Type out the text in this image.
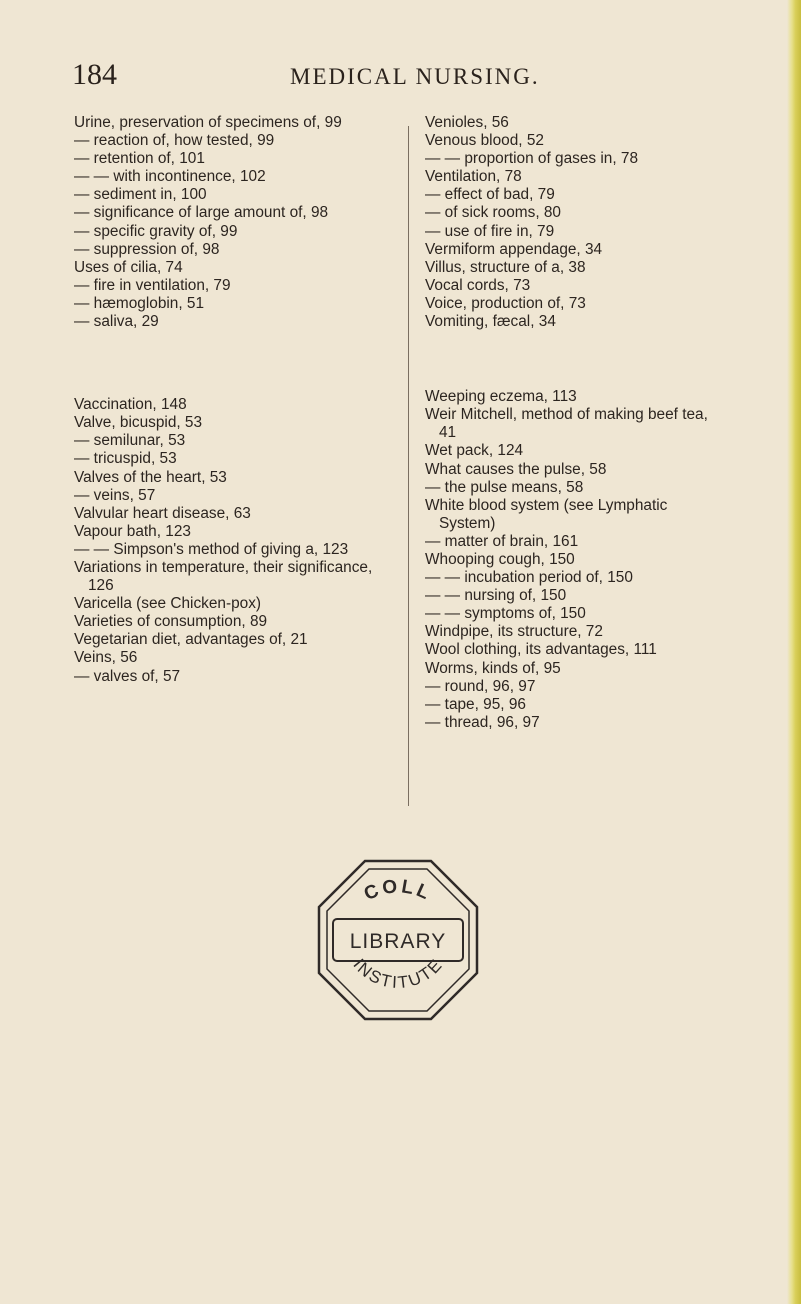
184	MEDICAL NURSING.

Urine, preservation of specimens of, 99

— reaction of, how tested, 99

— retention of, 101

— — with incontinence, 102

— sediment in, 100

— significance of large amount of, 98

— specific gravity of, 99

— suppression of, 98

Uses of cilia, 74

— fire in ventilation, 79

— hæmoglobin, 51

— saliva, 29

Vaccination, 148

Valve, bicuspid, 53

— semilunar, 53

— tricuspid, 53

Valves of the heart, 53

— veins, 57

Valvular heart disease, 63

Vapour bath, 123

— — Simpson's method of giving a, 123

Variations in temperature, their significance, 126

Varicella (see Chicken-pox)

Varieties of consumption, 89

Vegetarian diet, advantages of, 21

Veins, 56

— valves of, 57

Venioles, 56

Venous blood, 52

— — proportion of gases in, 78

Ventilation, 78

— effect of bad, 79

— of sick rooms, 80

— use of fire in, 79

Vermiform appendage, 34

Villus, structure of a, 38

Vocal cords, 73

Voice, production of, 73

Vomiting, fæcal, 34

Weeping eczema, 113

Weir Mitchell, method of making beef tea, 41

Wet pack, 124

What causes the pulse, 58

— the pulse means, 58

White blood system (see Lymphatic System)

— matter of brain, 161

Whooping cough, 150

— — incubation period of, 150

— — nursing of, 150

— — symptoms of, 150

Windpipe, its structure, 72

Wool clothing, its advantages, 111

Worms, kinds of, 95

— round, 96, 97

— tape, 95, 96

— thread, 96, 97

COLL
LIBRARY
INSTITUTE
